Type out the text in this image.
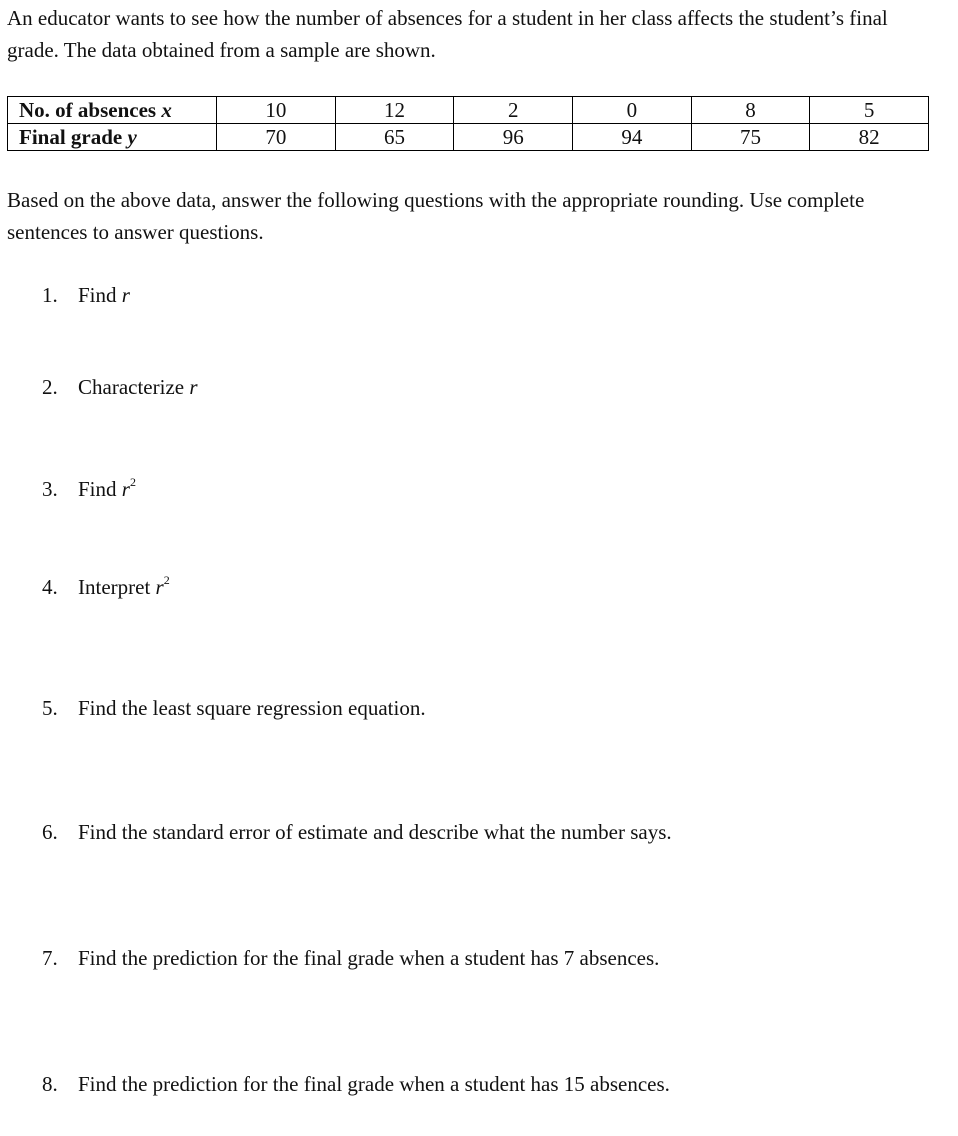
An educator wants to see how the number of absences for a student in her class affects the student’s final grade. The data obtained from a sample are shown.

No. of absences x	10	12	2	0	8	5
Final grade y	70	65	96	94	75	82

Based on the above data, answer the following questions with the appropriate rounding. Use complete sentences to answer questions.

1. Find r

2. Characterize r

3. Find $r^2$

4. Interpret $r^2$

5. Find the least square regression equation.

6. Find the standard error of estimate and describe what the number says.

7. Find the prediction for the final grade when a student has 7 absences.

8. Find the prediction for the final grade when a student has 15 absences.
